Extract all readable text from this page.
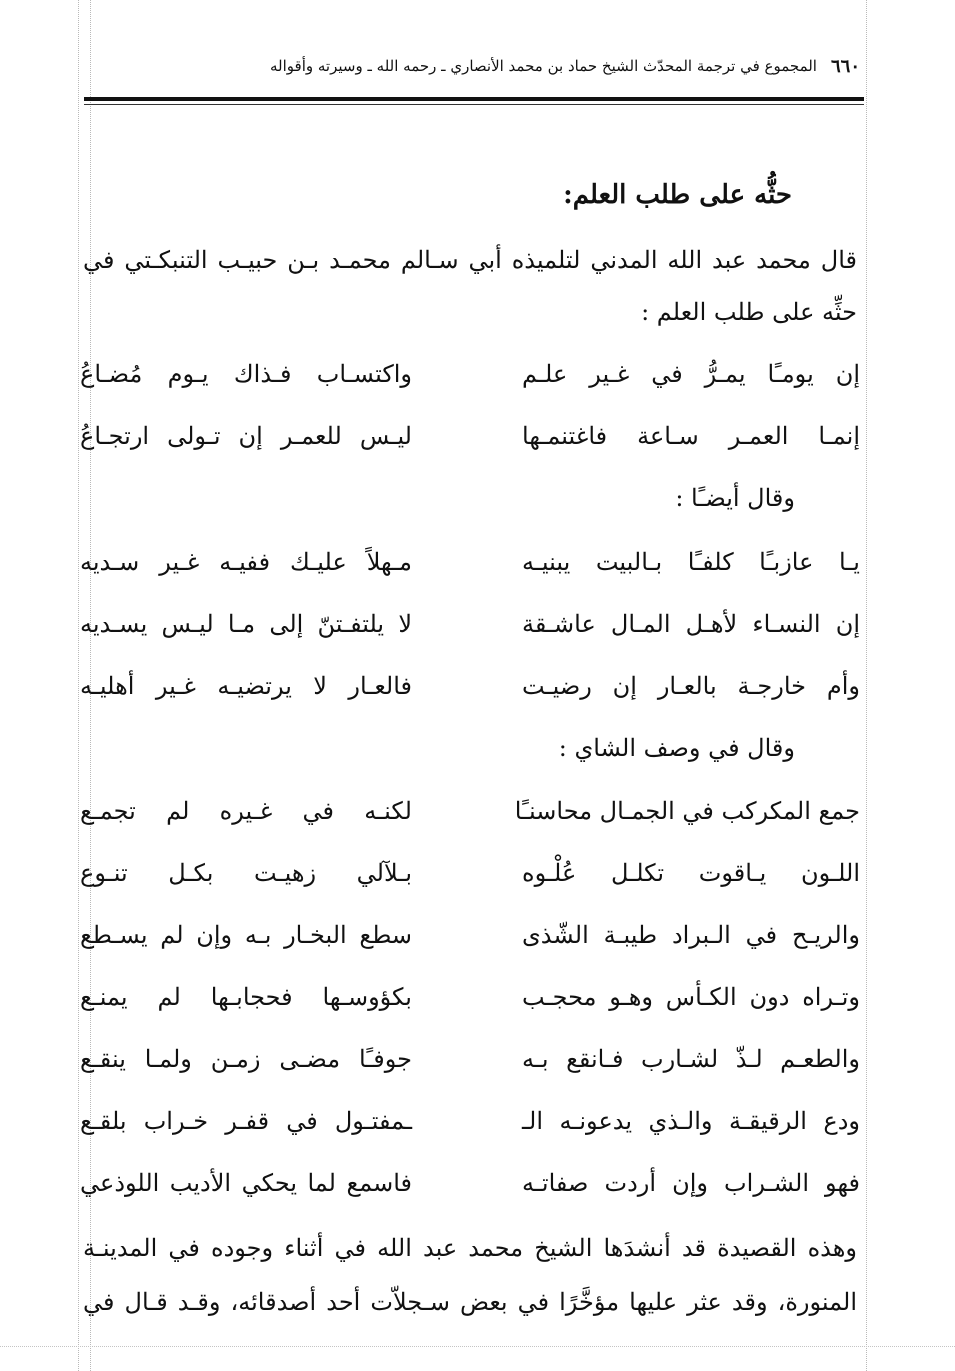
٦٦٠
المجموع في ترجمة المحدّث الشيخ حماد بن محمد الأنصاري ـ رحمه الله ـ وسيرته وأقواله
حثُّه على طلب العلم:
قال محمد عبد الله المدني لتلميذه أبي سـالم محمـد بـن حبيـب التنبكـتي في
حثِّه على طلب العلم :
إن يومـًا يمـرُّ في غـير علـم
واكتسـاب فـذاك يـوم مُضـاعُ
إنمـا العمـر سـاعة فاغتنمـها
ليـس للعمـر إن تـولى ارتجـاعُ
وقال أيضـًا :
يـا عازبـًا كلفـًا بـالبيت يبنيـه
مـهلاً عليـك ففيـه غـير سـديه
إن النسـاء لأهـل المـال عاشـقة
لا يلتفـتنّ إلى مـا ليـس يسـديه
وأم خارجـة بالعـار إن رضيـت
فالعـار لا يرتضيـه غـير أهليـه
وقال في وصف الشاي :
جمع المكركب في الجمـال محاسنـًا
لكنـه في غـيره لم تجمـع
اللـون يـاقوت تكلـل عُلْـوه
بـلآلي زهيـت بكـل تنـوع
والريـح في الـبراد طيبـة الشّذى
سطع البخـار بـه وإن لم يسـطع
وتـراه دون الكـأس وهـو محجـب
بكؤوسـها فحجابـها لم يمنـع
والطعـم لـذّ لشـارب فـانقع بـه
جوفـًا مضـى زمـن ولمـا ينقـع
ودع الرقيقـة والـذي يدعونـه الـ
ـمفتـول في قفـر خـراب بلقـع
فهو الشـراب وإن أردت صفاتـه
فاسمع لما يحكي الأديب اللوذعي
وهذه القصيدة قد أنشدَها الشيخ محمد عبد الله في أثناء وجوده في المدينـة
المنورة، وقد عثر عليها مؤخَّرًا في بعض سـجلاّت أحد أصدقائه، وقـد قـال في
